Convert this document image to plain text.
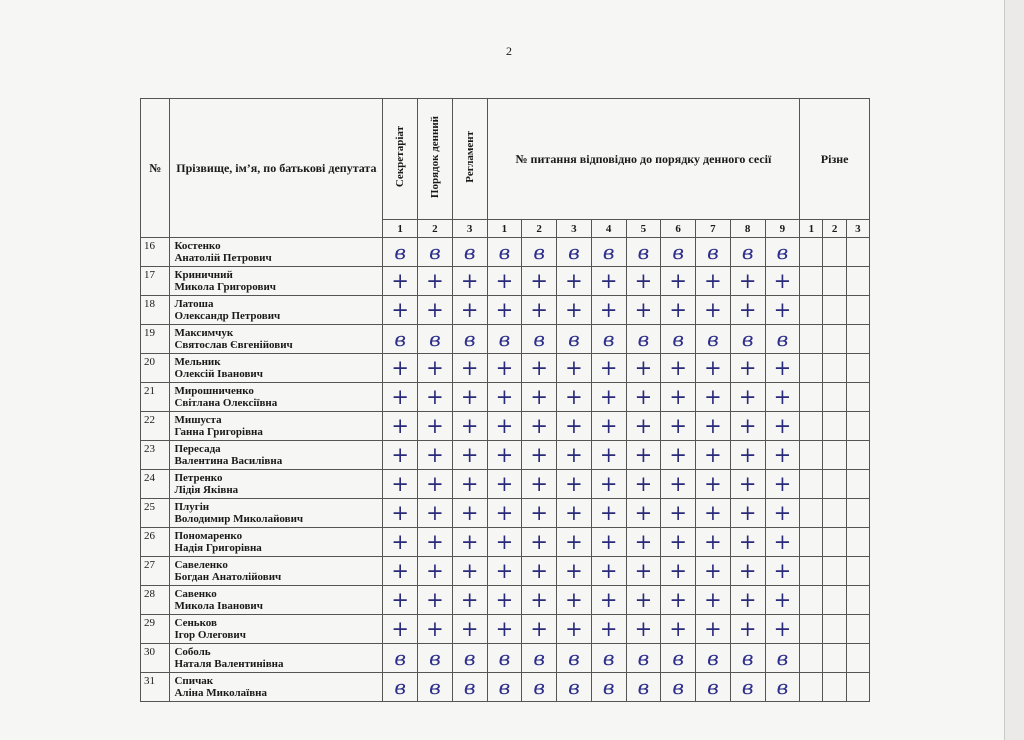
2
№	Прізвище, ім’я, по батькові депутата	Секретаріат	Порядок денний	Регламент	№ питання відповідно до порядку денного сесії									Різне		
		1	2	3	1	2	3	4	5	6	7	8	9	1	2	3
16	Костенко
Анатолій Петрович	в	в	в	в	в	в	в	в	в	в	в	в			
17	Криничний
Микола Григорович	+	+	+	+	+	+	+	+	+	+	+	+			
18	Латоша
Олександр Петрович	+	+	+	+	+	+	+	+	+	+	+	+			
19	Максимчук
Святослав Євгенійович	в	в	в	в	в	в	в	в	в	в	в	в			
20	Мельник
Олексій Іванович	+	+	+	+	+	+	+	+	+	+	+	+			
21	Мирошниченко
Світлана Олексіївна	+	+	+	+	+	+	+	+	+	+	+	+			
22	Мишуста
Ганна Григорівна	+	+	+	+	+	+	+	+	+	+	+	+			
23	Пересада
Валентина Василівна	+	+	+	+	+	+	+	+	+	+	+	+			
24	Петренко
Лідія Яківна	+	+	+	+	+	+	+	+	+	+	+	+			
25	Плугін
Володимир Миколайович	+	+	+	+	+	+	+	+	+	+	+	+			
26	Пономаренко
Надія Григорівна	+	+	+	+	+	+	+	+	+	+	+	+			
27	Савеленко
Богдан Анатолійович	+	+	+	+	+	+	+	+	+	+	+	+			
28	Савенко
Микола Іванович	+	+	+	+	+	+	+	+	+	+	+	+			
29	Сеньков
Ігор Олегович	+	+	+	+	+	+	+	+	+	+	+	+			
30	Соболь
Наталя Валентинівна	в	в	в	в	в	в	в	в	в	в	в	в			
31	Спичак
Аліна Миколаївна	в	в	в	в	в	в	в	в	в	в	в	в			
